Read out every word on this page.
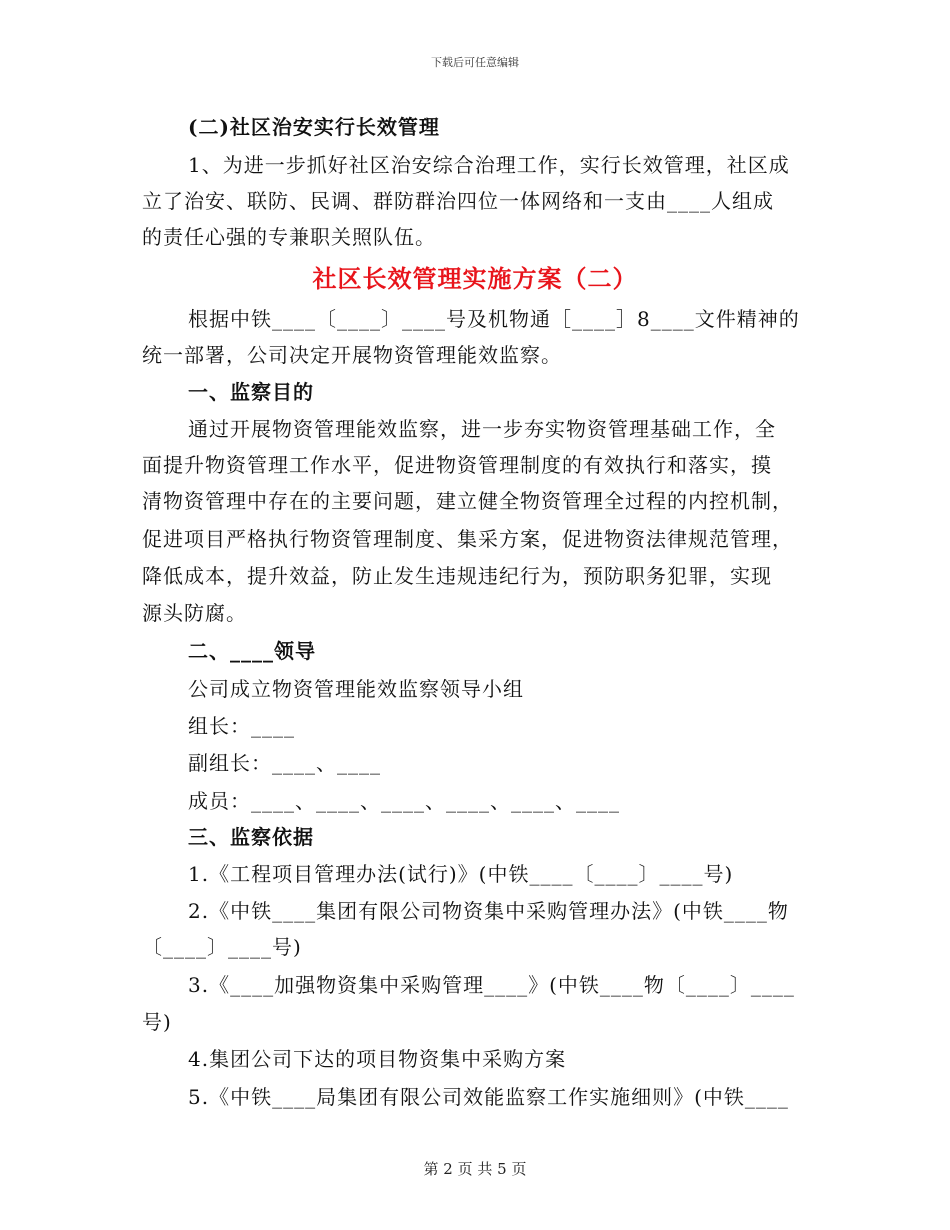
下载后可任意编辑
(二)社区治安实行长效管理
1、为进一步抓好社区治安综合治理工作，实行长效管理，社区成
立了治安、联防、民调、群防群治四位一体网络和一支由____人组成
的责任心强的专兼职关照队伍。
社区长效管理实施方案（二）
根据中铁____〔____〕____号及机物通［____］8____文件精神的
统一部署，公司决定开展物资管理能效监察。
一、监察目的
通过开展物资管理能效监察，进一步夯实物资管理基础工作，全
面提升物资管理工作水平，促进物资管理制度的有效执行和落实，摸
清物资管理中存在的主要问题，建立健全物资管理全过程的内控机制，
促进项目严格执行物资管理制度、集采方案，促进物资法律规范管理，
降低成本，提升效益，防止发生违规违纪行为，预防职务犯罪，实现
源头防腐。
二、____领导
公司成立物资管理能效监察领导小组
组长：____
副组长：____、____
成员：____、____、____、____、____、____
三、监察依据
1.《工程项目管理办法(试行)》(中铁____〔____〕____号)
2.《中铁____集团有限公司物资集中采购管理办法》(中铁____物
〔____〕____号)
3.《____加强物资集中采购管理____》(中铁____物〔____〕____
号)
4.集团公司下达的项目物资集中采购方案
5.《中铁____局集团有限公司效能监察工作实施细则》(中铁____
第 2 页 共 5 页
